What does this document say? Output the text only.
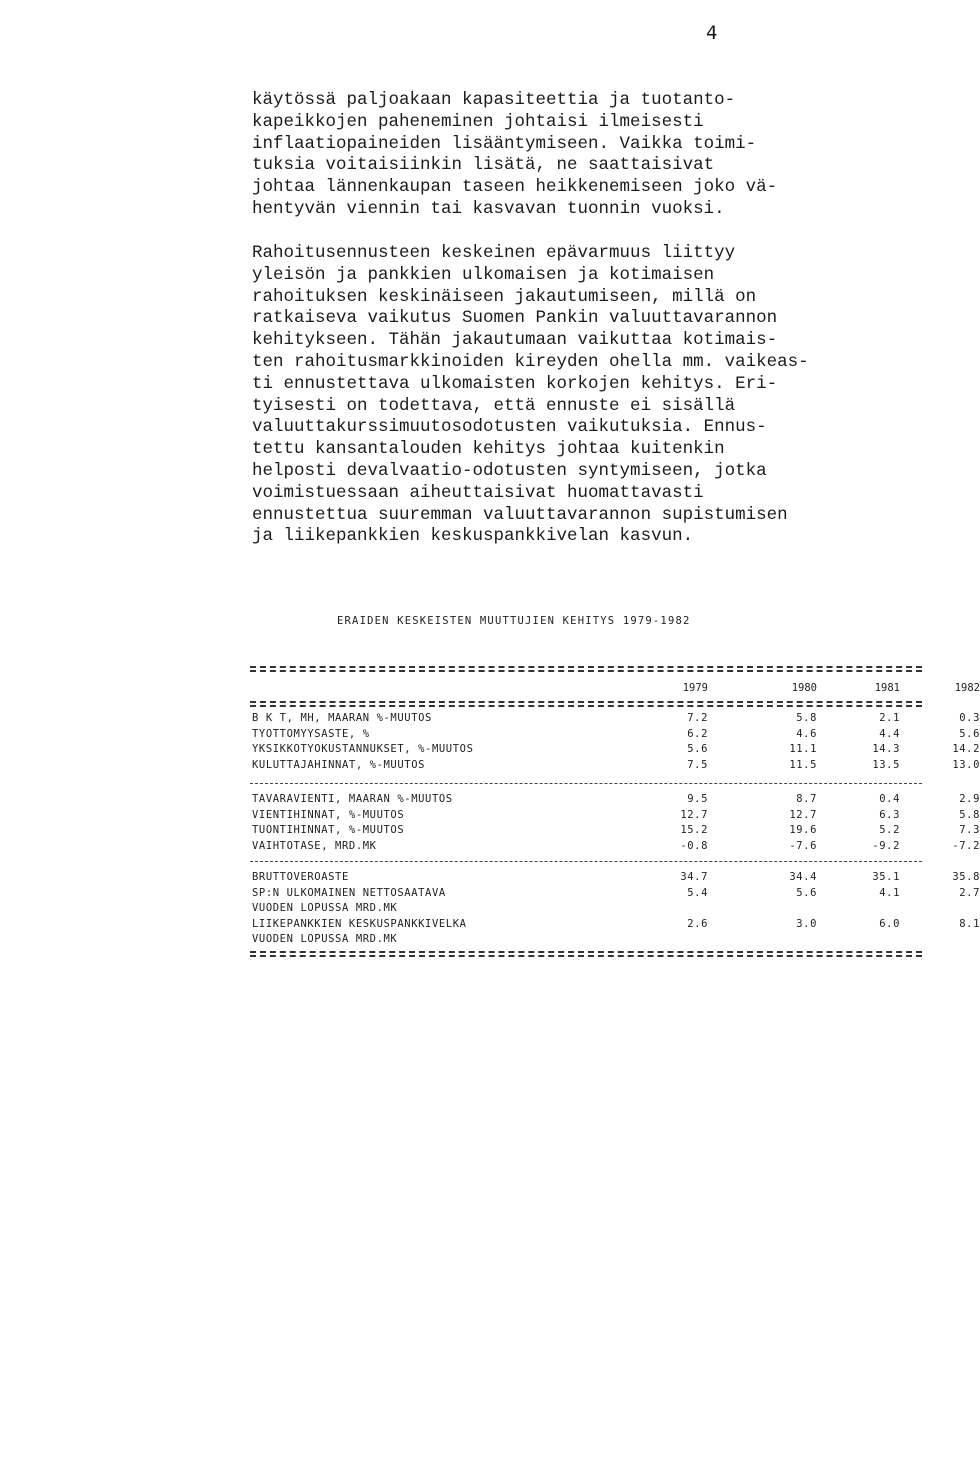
4

käytössä paljoakaan kapasiteettia ja tuotanto-
kapeikkojen paheneminen johtaisi ilmeisesti
inflaatiopaineiden lisääntymiseen. Vaikka toimi-
tuksia voitaisiinkin lisätä, ne saattaisivat
johtaa lännenkaupan taseen heikkenemiseen joko vä-
hentyvän viennin tai kasvavan tuonnin vuoksi.

Rahoitusennusteen keskeinen epävarmuus liittyy
yleisön ja pankkien ulkomaisen ja kotimaisen
rahoituksen keskinäiseen jakautumiseen, millä on
ratkaiseva vaikutus Suomen Pankin valuuttavarannon
kehitykseen. Tähän jakautumaan vaikuttaa kotimais-
ten rahoitusmarkkinoiden kireyden ohella mm. vaikeas-
ti ennustettava ulkomaisten korkojen kehitys. Eri-
tyisesti on todettava, että ennuste ei sisällä
valuuttakurssimuutosodotusten vaikutuksia. Ennus-
tettu kansantalouden kehitys johtaa kuitenkin
helposti devalvaatio-odotusten syntymiseen, jotka
voimistuessaan aiheuttaisivat huomattavasti
ennustettua suuremman valuuttavarannon supistumisen
ja liikepankkien keskuspankkivelan kasvun.

ERAIDEN KESKEISTEN MUUTTUJIEN KEHITYS 1979-1982
1979	1980	1981	1982
B K T, MH, MAARAN %-MUUTOS	7.2	5.8	2.1	0.3
TYOTTOMYYSASTE, %	6.2	4.6	4.4	5.6
YKSIKKOTYOKUSTANNUKSET, %-MUUTOS	5.6	11.1	14.3	14.2
KULUTTAJAHINNAT, %-MUUTOS	7.5	11.5	13.5	13.0
TAVARAVIENTI, MAARAN %-MUUTOS	9.5	8.7	0.4	2.9
VIENTIHINNAT, %-MUUTOS	12.7	12.7	6.3	5.8
TUONTIHINNAT, %-MUUTOS	15.2	19.6	5.2	7.3
VAIHTOTASE, MRD.MK	-0.8	-7.6	-9.2	-7.2
BRUTTOVEROASTE	34.7	34.4	35.1	35.8
SP:N ULKOMAINEN NETTOSAATAVA	5.4	5.6	4.1	2.7
VUODEN LOPUSSA MRD.MK
LIIKEPANKKIEN KESKUSPANKKIVELKA	2.6	3.0	6.0	8.1
VUODEN LOPUSSA MRD.MK
